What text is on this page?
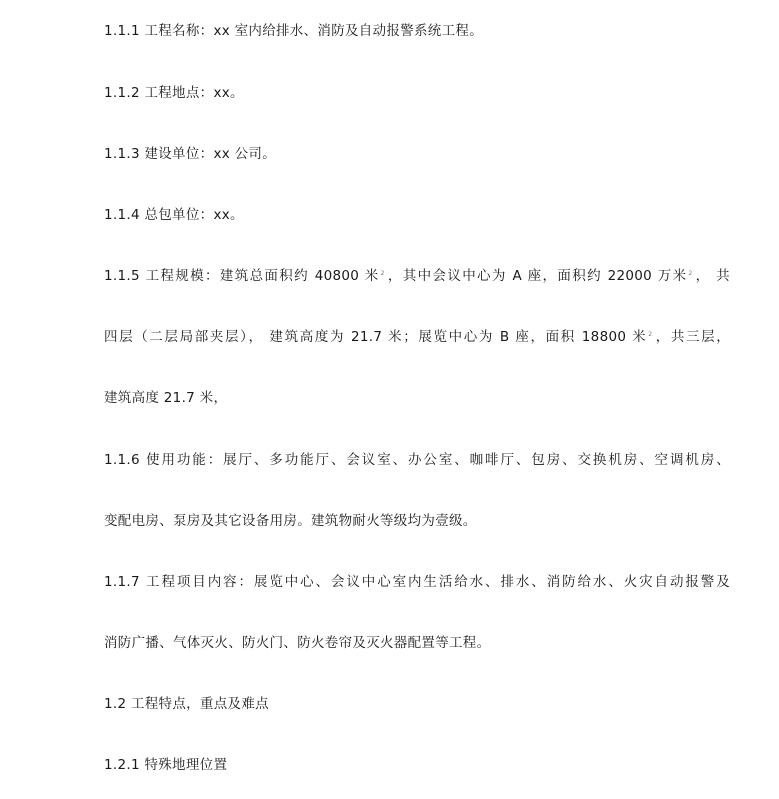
1.1.1 工程名称：xx 室内给排水、消防及自动报警系统工程。
1.1.2 工程地点：xx。
1.1.3 建设单位：xx 公司。
1.1.4 总包单位：xx。
1.1.5 工程规模：建筑总面积约 40800 米$^2$ ，其中会议中心为 A 座，面积约 22000 万米$^2$ ， 共
四层（二层局部夹层）， 建筑高度为 21.7 米；展览中心为 B 座，面积 18800 米$^2$ ，共三层，
建筑高度 21.7 米，
1.1.6 使用功能：展厅、多功能厅、会议室、办公室、咖啡厅、包房、交换机房、空调机房、
变配电房、泵房及其它设备用房。建筑物耐火等级均为壹级。
1.1.7 工程项目内容：展览中心、会议中心室内生活给水、排水、消防给水、火灾自动报警及
消防广播、气体灭火、防火门、防火卷帘及灭火器配置等工程。
1.2 工程特点，重点及难点
1.2.1 特殊地理位置
